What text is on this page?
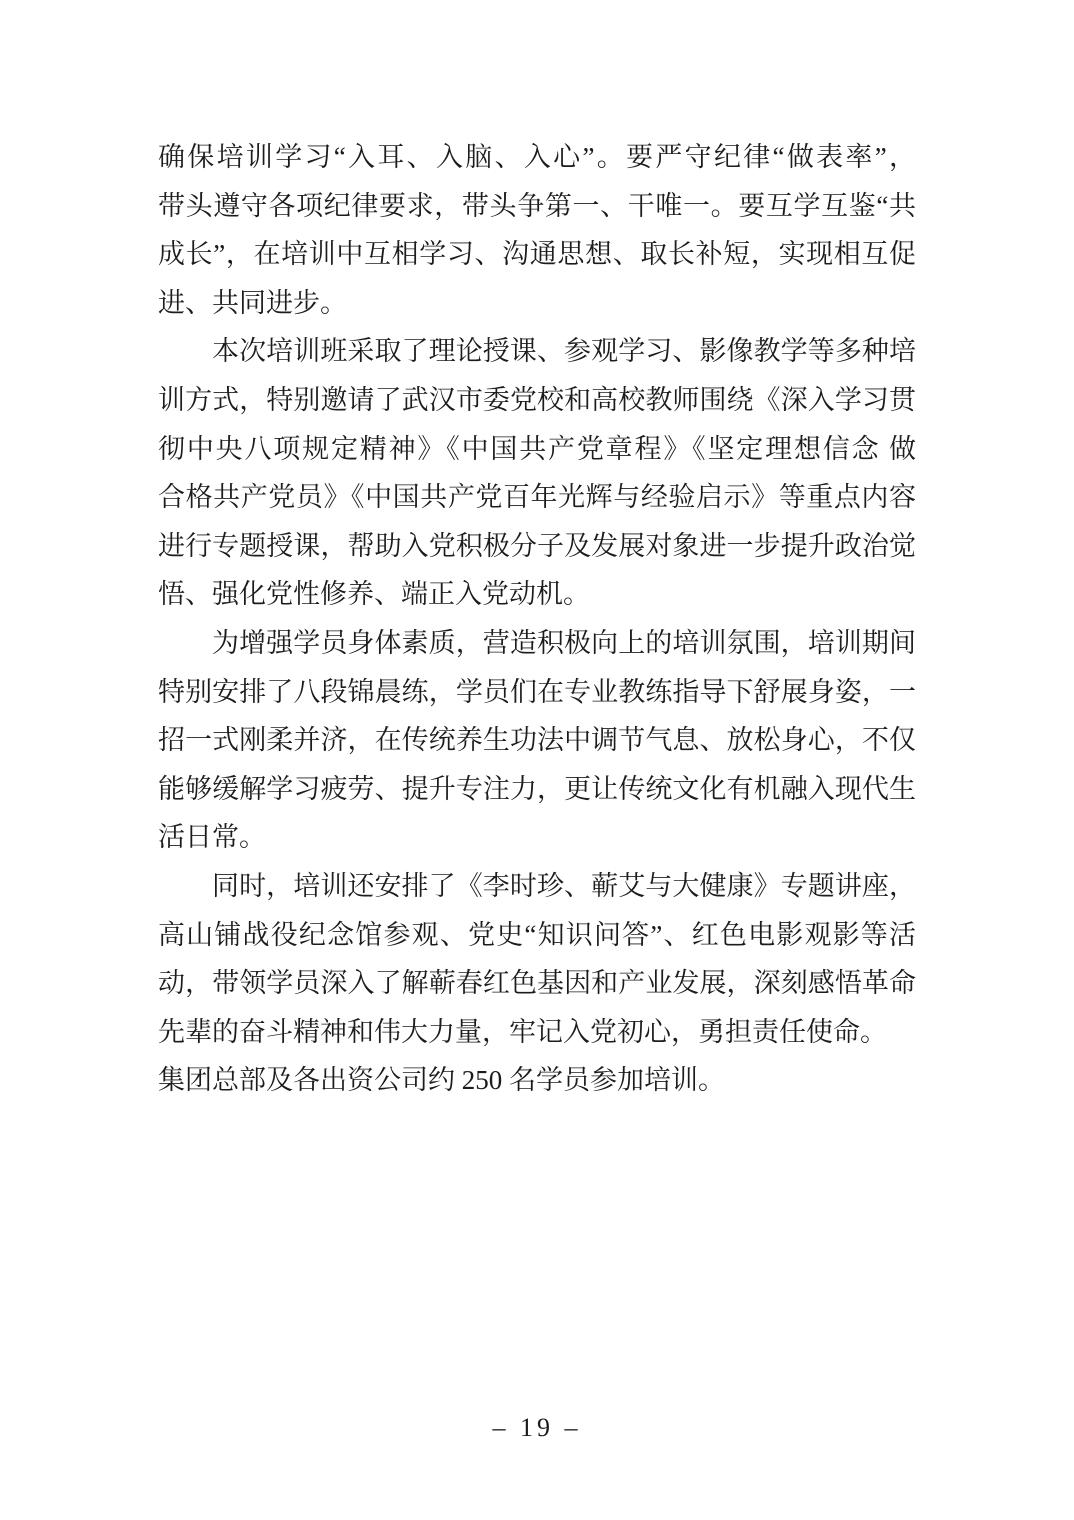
确保培训学习“入耳、入脑、入心”。要严守纪律“做表率”，
带头遵守各项纪律要求，带头争第一、干唯一。要互学互鉴“共
成长”，在培训中互相学习、沟通思想、取长补短，实现相互促
进、共同进步。
本次培训班采取了理论授课、参观学习、影像教学等多种培
训方式，特别邀请了武汉市委党校和高校教师围绕《深入学习贯
彻中央八项规定精神》《中国共产党章程》《坚定理想信念 做
合格共产党员》《中国共产党百年光辉与经验启示》等重点内容
进行专题授课，帮助入党积极分子及发展对象进一步提升政治觉
悟、强化党性修养、端正入党动机。
为增强学员身体素质，营造积极向上的培训氛围，培训期间
特别安排了八段锦晨练，学员们在专业教练指导下舒展身姿，一
招一式刚柔并济，在传统养生功法中调节气息、放松身心，不仅
能够缓解学习疲劳、提升专注力，更让传统文化有机融入现代生
活日常。
同时，培训还安排了《李时珍、蕲艾与大健康》专题讲座，
高山铺战役纪念馆参观、党史“知识问答”、红色电影观影等活
动，带领学员深入了解蕲春红色基因和产业发展，深刻感悟革命
先辈的奋斗精神和伟大力量，牢记入党初心，勇担责任使命。
集团总部及各出资公司约 250 名学员参加培训。
– 19 –
